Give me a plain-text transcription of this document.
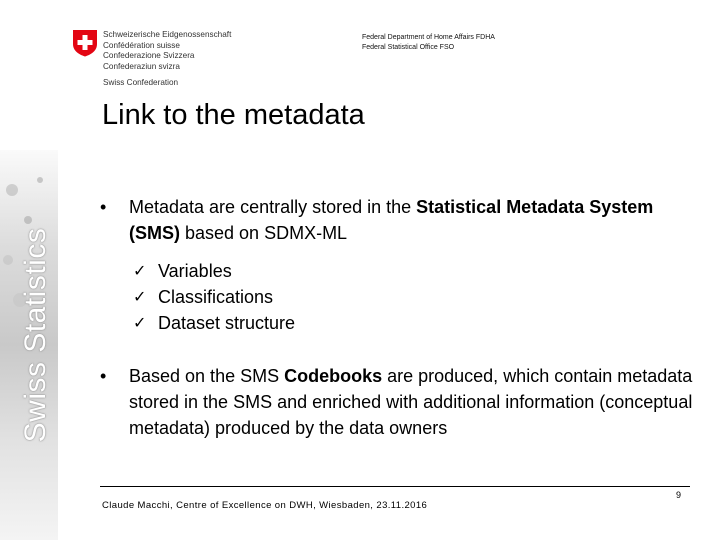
Swiss Statistics
Schweizerische Eidgenossenschaft
Confédération suisse
Confederazione Svizzera
Confederaziun svizra
Swiss Confederation
Federal Department of Home Affairs FDHA
Federal Statistical Office FSO
Link to the metadata
• Metadata are centrally stored in the Statistical Metadata System (SMS) based on SDMX-ML
✓ Variables
✓ Classifications
✓ Dataset structure
• Based on the SMS Codebooks are produced, which contain metadata stored in the SMS and enriched with additional information (conceptual metadata) produced by the data owners
9
Claude Macchi, Centre of Excellence on DWH, Wiesbaden, 23.11.2016
